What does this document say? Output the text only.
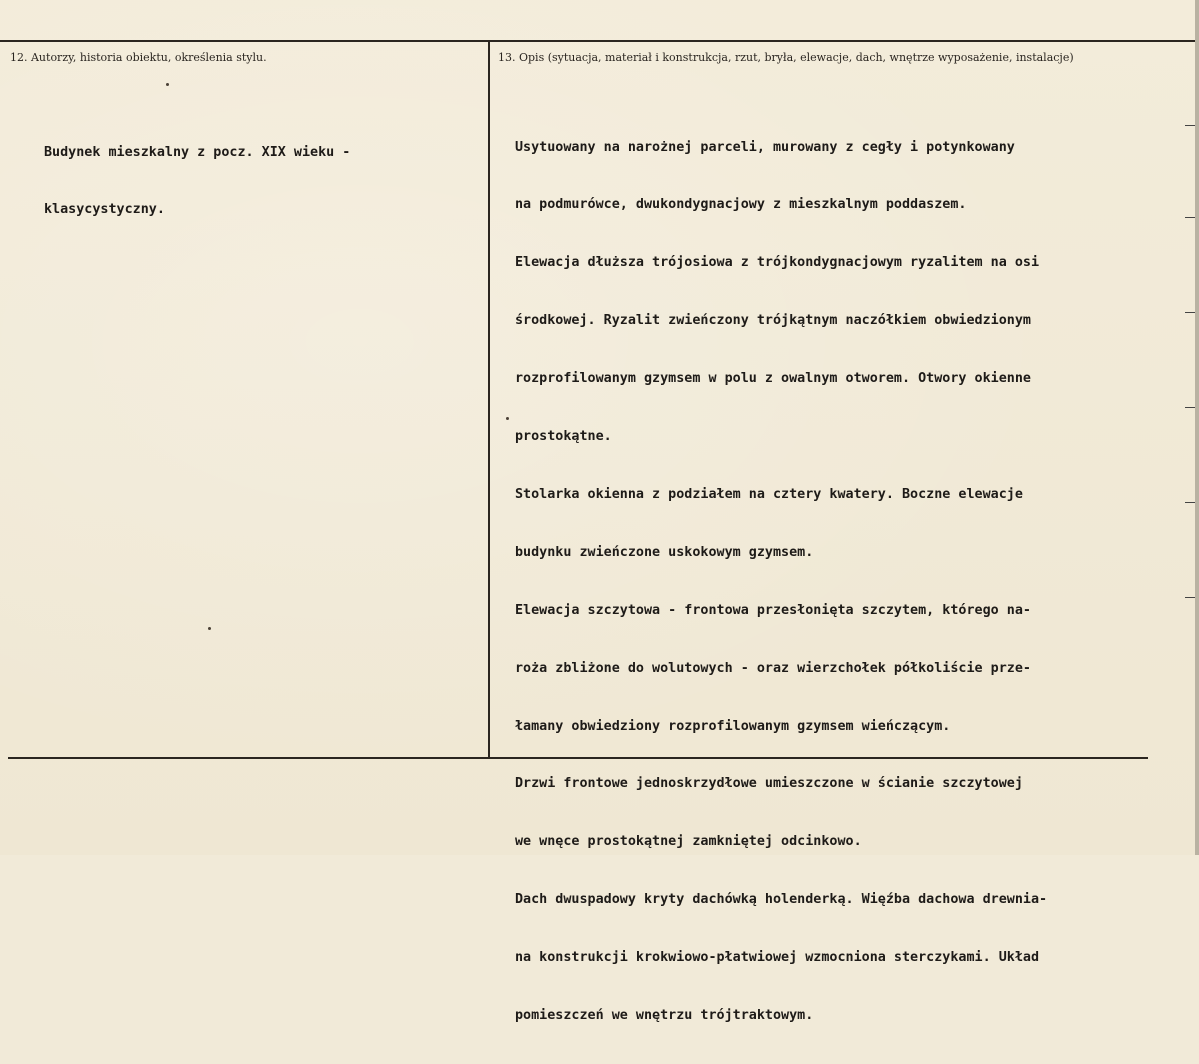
12. Autorzy, historia obiektu, określenia stylu.	13. Opis (sytuacja, materiał i konstrukcja, rzut, bryła, elewacje, dach, wnętrze wyposażenie, instalacje)

Budynek mieszkalny z pocz. XIX wieku -

klasycystyczny.

Usytuowany na narożnej parceli, murowany z cegły i potynkowany

na podmurówce, dwukondygnacjowy z mieszkalnym poddaszem.

Elewacja dłuższa trójosiowa z trójkondygnacjowym ryzalitem na osi

środkowej. Ryzalit zwieńczony trójkątnym naczółkiem obwiedzionym

rozprofilowanym gzymsem w polu z owalnym otworem. Otwory okienne

prostokątne.

Stolarka okienna z podziałem na cztery kwatery. Boczne elewacje

budynku zwieńczone uskokowym gzymsem.

Elewacja szczytowa - frontowa przesłonięta szczytem, którego na-

roża zbliżone do wolutowych - oraz wierzchołek półkoliście prze-

łamany obwiedziony rozprofilowanym gzymsem wieńczącym.

Drzwi frontowe jednoskrzydłowe umieszczone w ścianie szczytowej

we wnęce prostokątnej zamkniętej odcinkowo.

Dach dwuspadowy kryty dachówką holenderką. Więźba dachowa drewnia-

na konstrukcji krokwiowo-płatwiowej wzmocniona sterczykami. Układ

pomieszczeń we wnętrzu trójtraktowym.
